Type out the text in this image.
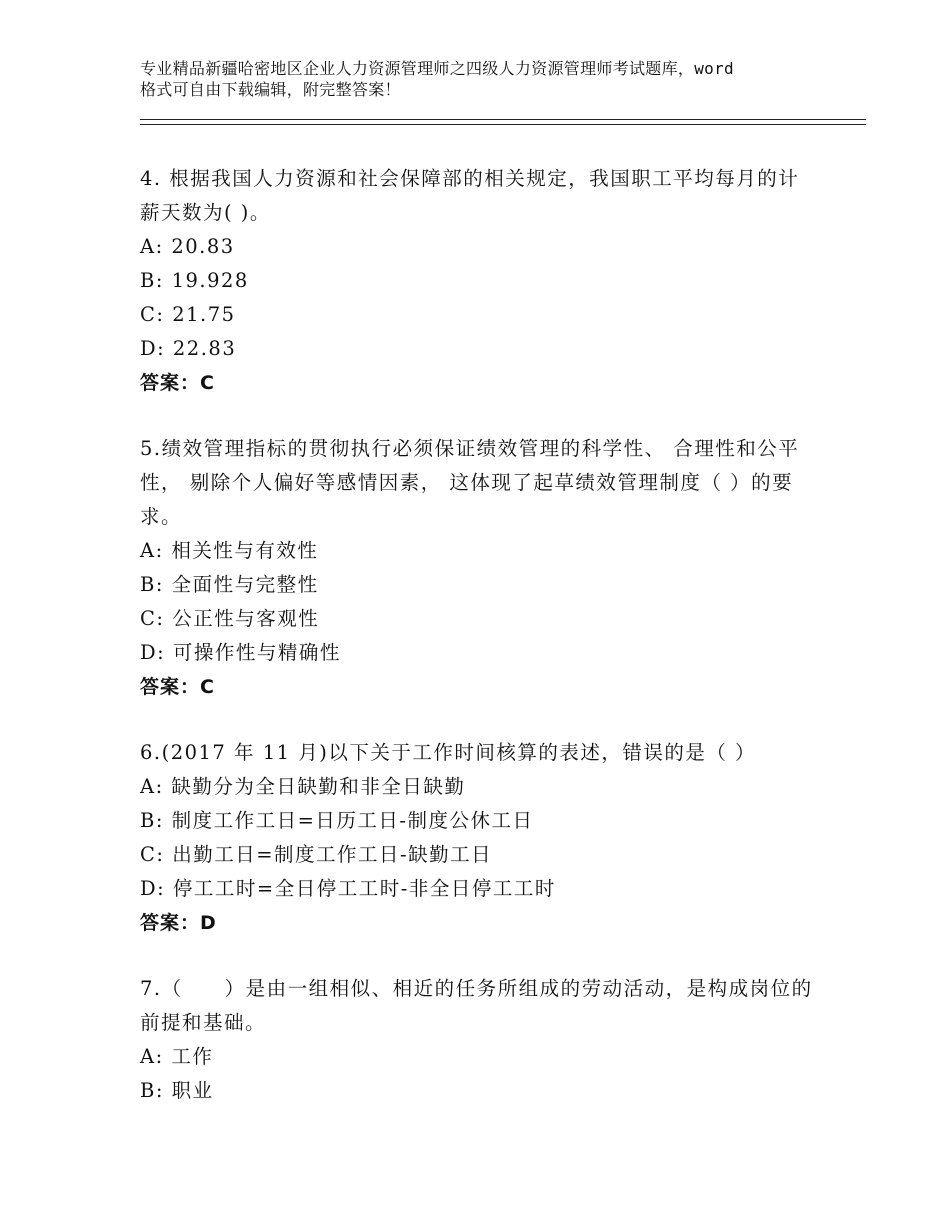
专业精品新疆哈密地区企业人力资源管理师之四级人力资源管理师考试题库，word
格式可自由下载编辑，附完整答案！

4. 根据我国人力资源和社会保障部的相关规定，我国职工平均每月的计薪天数为( )。

A: 20.83

B: 19.928

C: 21.75

D: 22.83

答案：C

5.绩效管理指标的贯彻执行必须保证绩效管理的科学性、 合理性和公平性， 剔除个人偏好等感情因素， 这体现了起草绩效管理制度（ ）的要求。

A: 相关性与有效性

B: 全面性与完整性

C: 公正性与客观性

D: 可操作性与精确性

答案：C

6.(2017 年 11 月)以下关于工作时间核算的表述，错误的是（ ）

A: 缺勤分为全日缺勤和非全日缺勤

B: 制度工作工日=日历工日-制度公休工日

C: 出勤工日=制度工作工日-缺勤工日

D: 停工工时=全日停工工时-非全日停工工时

答案：D

7.（　　）是由一组相似、相近的任务所组成的劳动活动，是构成岗位的前提和基础。

A: 工作

B: 职业
